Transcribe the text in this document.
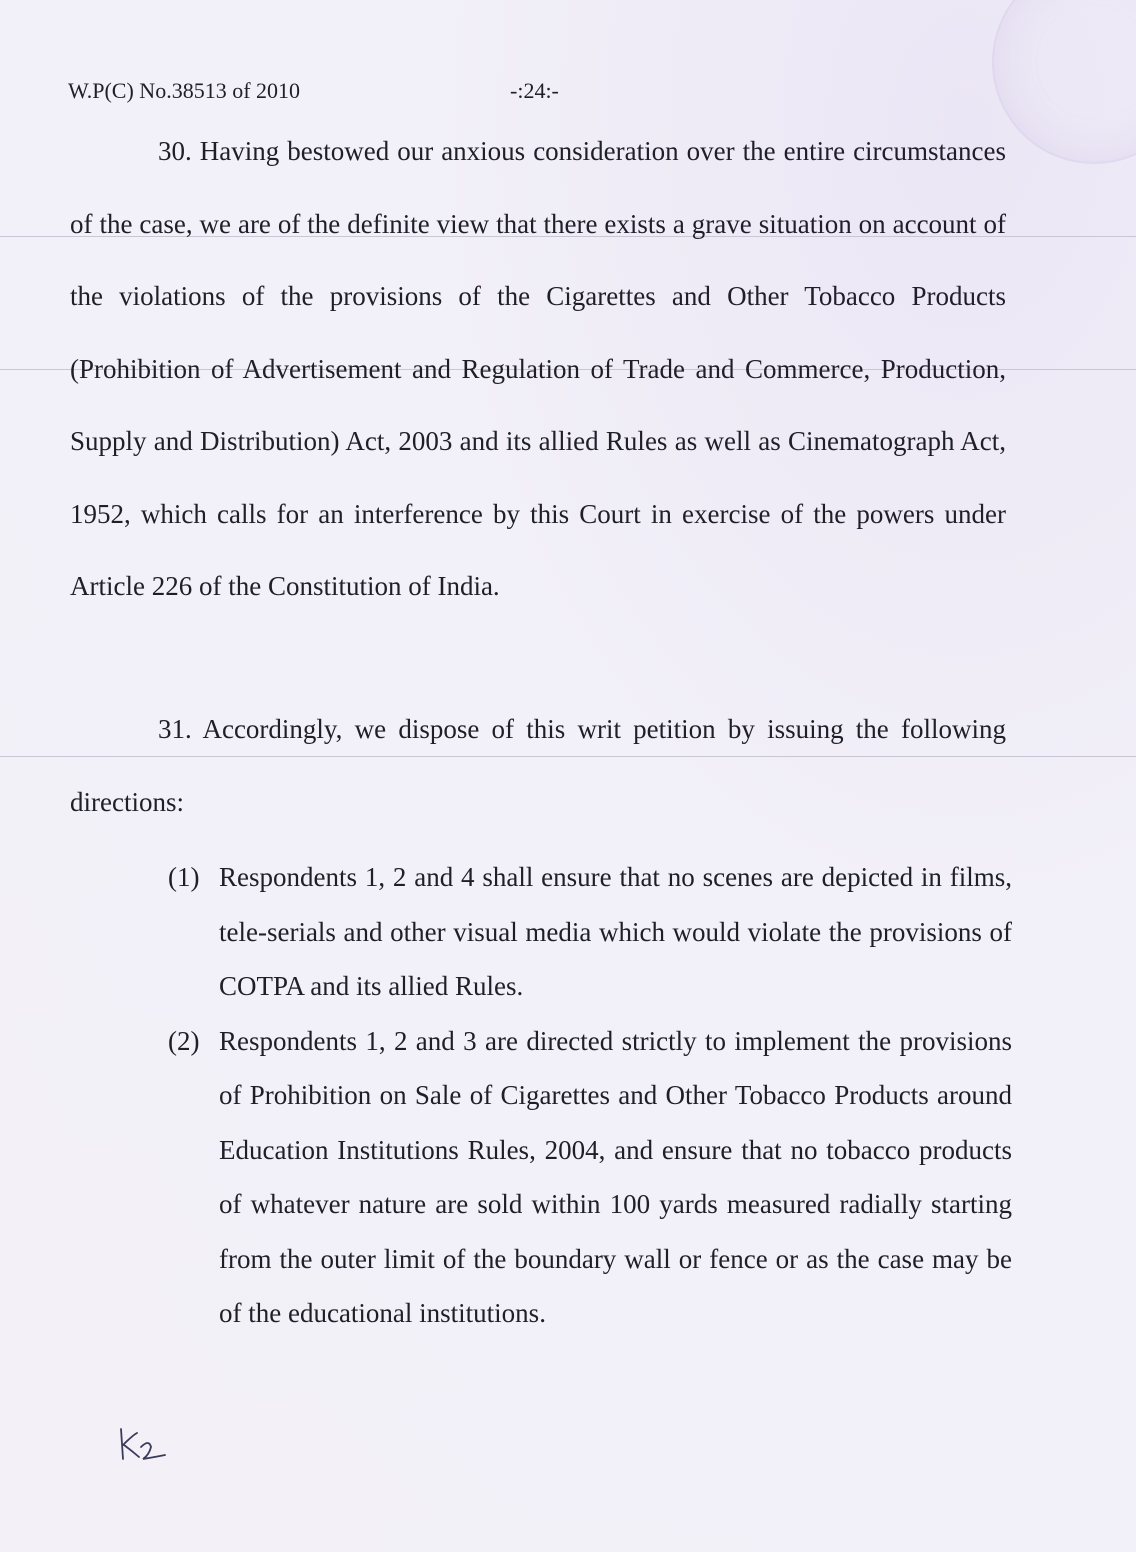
W.P(C) No.38513 of 2010	-:24:-

30. Having bestowed our anxious consideration over the entire circumstances of the case, we are of the definite view that there exists a grave situation on account of the violations of the provisions of the Cigarettes and Other Tobacco Products (Prohibition of Advertisement and Regulation of Trade and Commerce, Production, Supply and Distribution) Act, 2003 and its allied Rules as well as Cinematograph Act, 1952, which calls for an interference by this Court in exercise of the powers under Article 226 of the Constitution of India.

31. Accordingly, we dispose of this writ petition by issuing the following directions:

(1) Respondents 1, 2 and 4 shall ensure that no scenes are depicted in films, tele-serials and other visual media which would violate the provisions of COTPA and its allied Rules.
(2) Respondents 1, 2 and 3 are directed strictly to implement the provisions of Prohibition on Sale of Cigarettes and Other Tobacco Products around Education Institutions Rules, 2004, and ensure that no tobacco products of whatever nature are sold within 100 yards measured radially starting from the outer limit of the boundary wall or fence or as the case may be of the educational institutions.
